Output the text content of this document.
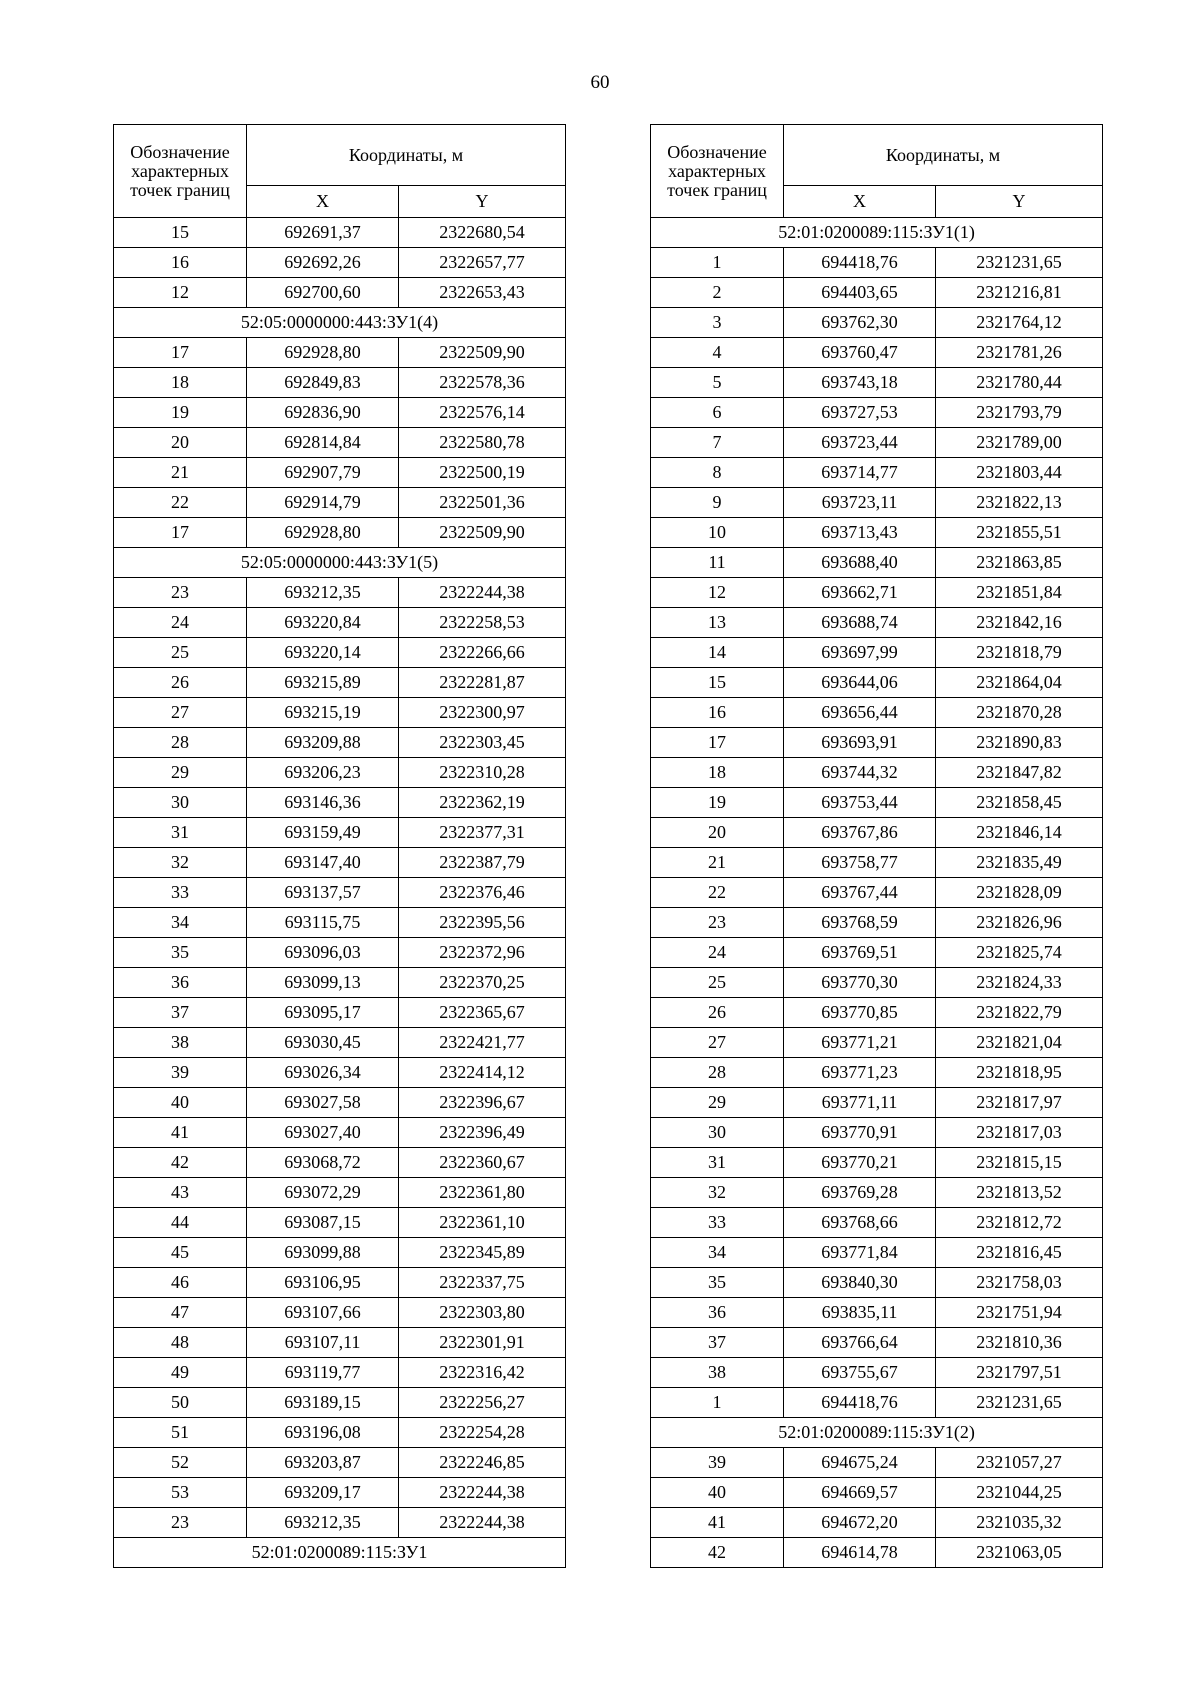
60
Обозначение характерных точек границ	Координаты, м	
	X	Y
15	692691,37	2322680,54
16	692692,26	2322657,77
12	692700,60	2322653,43
52:05:0000000:443:ЗУ1(4)		
17	692928,80	2322509,90
18	692849,83	2322578,36
19	692836,90	2322576,14
20	692814,84	2322580,78
21	692907,79	2322500,19
22	692914,79	2322501,36
17	692928,80	2322509,90
52:05:0000000:443:ЗУ1(5)		
23	693212,35	2322244,38
24	693220,84	2322258,53
25	693220,14	2322266,66
26	693215,89	2322281,87
27	693215,19	2322300,97
28	693209,88	2322303,45
29	693206,23	2322310,28
30	693146,36	2322362,19
31	693159,49	2322377,31
32	693147,40	2322387,79
33	693137,57	2322376,46
34	693115,75	2322395,56
35	693096,03	2322372,96
36	693099,13	2322370,25
37	693095,17	2322365,67
38	693030,45	2322421,77
39	693026,34	2322414,12
40	693027,58	2322396,67
41	693027,40	2322396,49
42	693068,72	2322360,67
43	693072,29	2322361,80
44	693087,15	2322361,10
45	693099,88	2322345,89
46	693106,95	2322337,75
47	693107,66	2322303,80
48	693107,11	2322301,91
49	693119,77	2322316,42
50	693189,15	2322256,27
51	693196,08	2322254,28
52	693203,87	2322246,85
53	693209,17	2322244,38
23	693212,35	2322244,38
52:01:0200089:115:ЗУ1		
Обозначение характерных точек границ	Координаты, м	
	X	Y
52:01:0200089:115:ЗУ1(1)		
1	694418,76	2321231,65
2	694403,65	2321216,81
3	693762,30	2321764,12
4	693760,47	2321781,26
5	693743,18	2321780,44
6	693727,53	2321793,79
7	693723,44	2321789,00
8	693714,77	2321803,44
9	693723,11	2321822,13
10	693713,43	2321855,51
11	693688,40	2321863,85
12	693662,71	2321851,84
13	693688,74	2321842,16
14	693697,99	2321818,79
15	693644,06	2321864,04
16	693656,44	2321870,28
17	693693,91	2321890,83
18	693744,32	2321847,82
19	693753,44	2321858,45
20	693767,86	2321846,14
21	693758,77	2321835,49
22	693767,44	2321828,09
23	693768,59	2321826,96
24	693769,51	2321825,74
25	693770,30	2321824,33
26	693770,85	2321822,79
27	693771,21	2321821,04
28	693771,23	2321818,95
29	693771,11	2321817,97
30	693770,91	2321817,03
31	693770,21	2321815,15
32	693769,28	2321813,52
33	693768,66	2321812,72
34	693771,84	2321816,45
35	693840,30	2321758,03
36	693835,11	2321751,94
37	693766,64	2321810,36
38	693755,67	2321797,51
1	694418,76	2321231,65
52:01:0200089:115:ЗУ1(2)		
39	694675,24	2321057,27
40	694669,57	2321044,25
41	694672,20	2321035,32
42	694614,78	2321063,05
